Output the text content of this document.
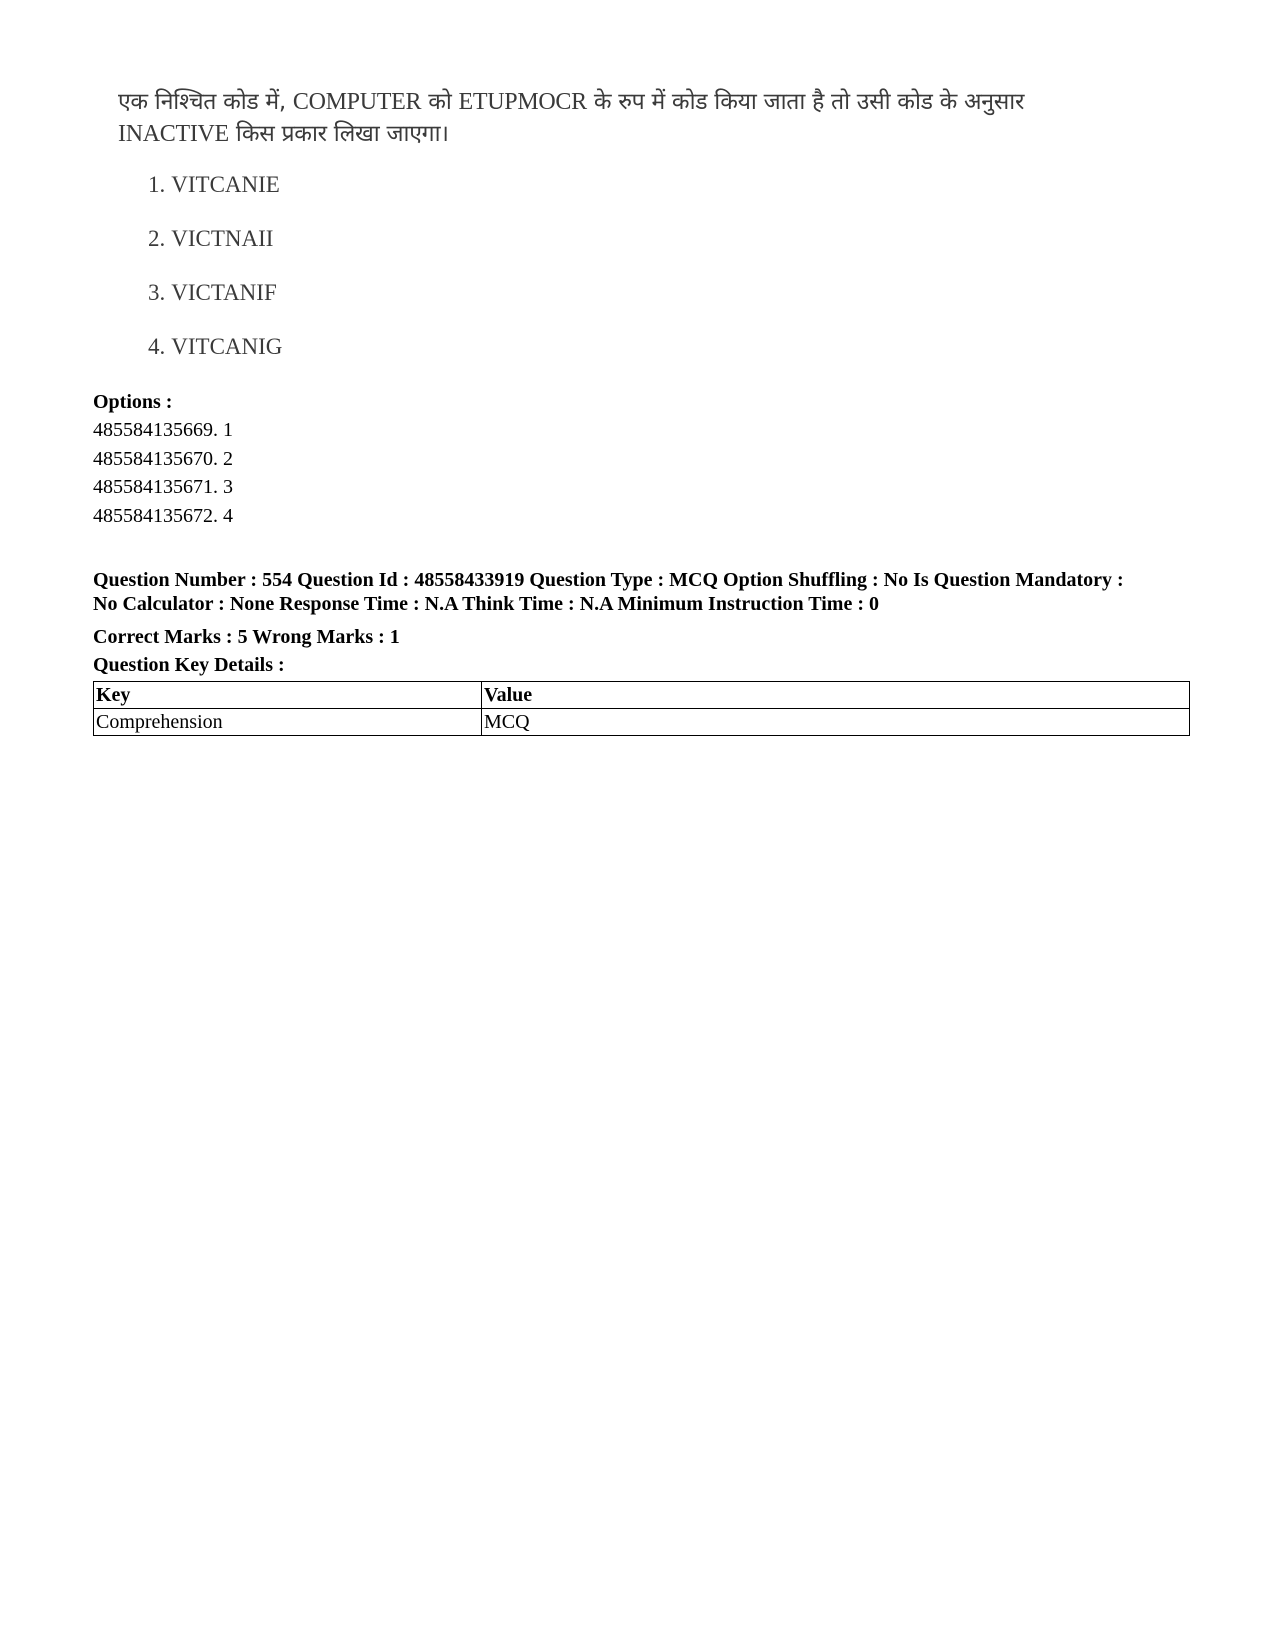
एक निश्चित कोड में, COMPUTER को ETUPMOCR के रुप में कोड किया जाता है तो उसी कोड के अनुसार
INACTIVE किस प्रकार लिखा जाएगा।
1. VITCANIE
2. VICTNAII
3. VICTANIF
4. VITCANIG
Options :
485584135669. 1
485584135670. 2
485584135671. 3
485584135672. 4
Question Number : 554 Question Id : 48558433919 Question Type : MCQ Option Shuffling : No Is Question Mandatory :
No Calculator : None Response Time : N.A Think Time : N.A Minimum Instruction Time : 0
Correct Marks : 5 Wrong Marks : 1
Question Key Details :
Key	Value
Comprehension	MCQ
